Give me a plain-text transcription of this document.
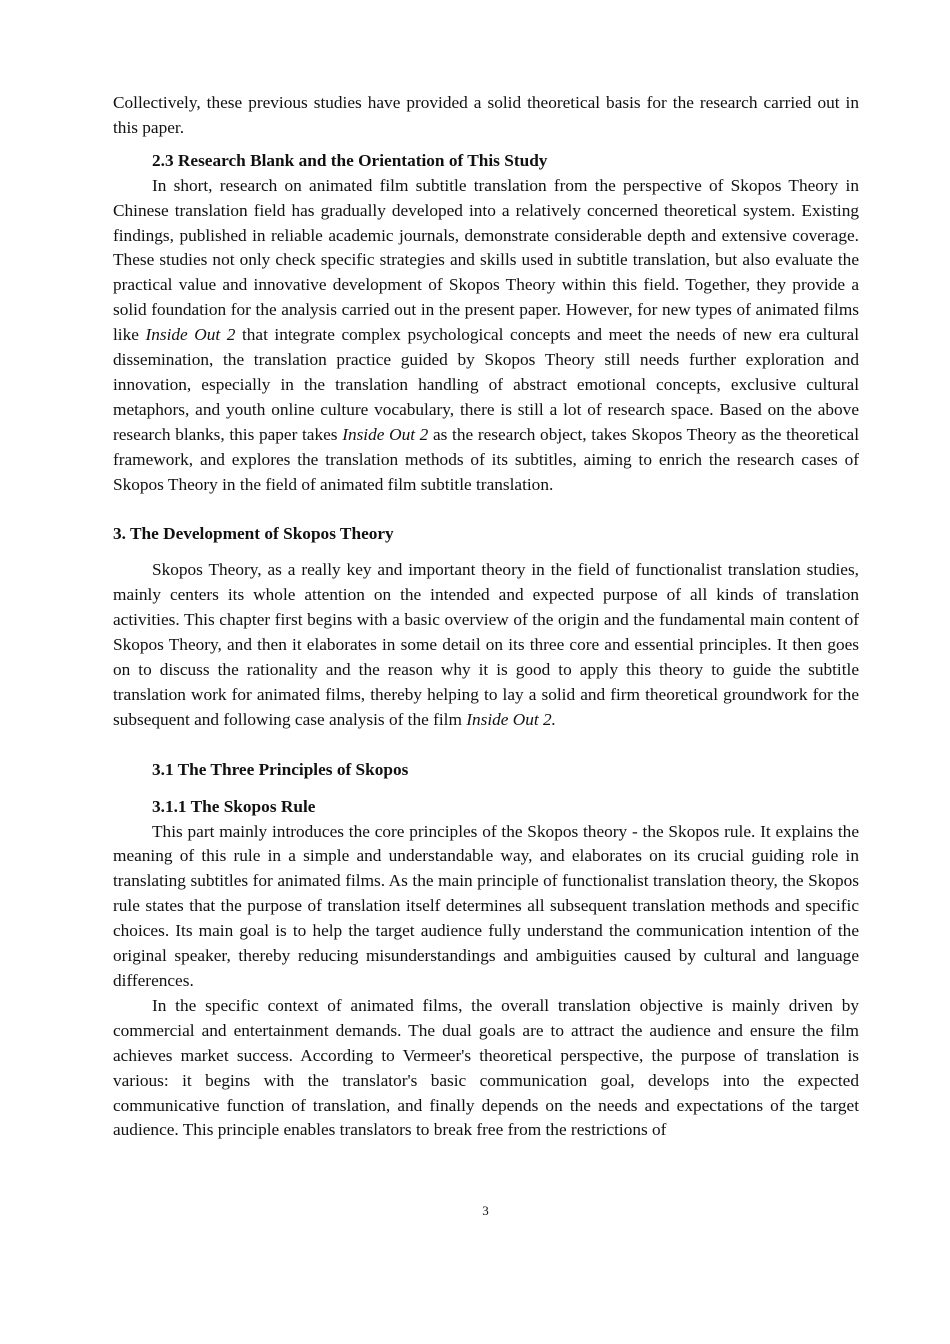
Collectively, these previous studies have provided a solid theoretical basis for the research carried out in this paper.

2.3 Research Blank and the Orientation of This Study

In short, research on animated film subtitle translation from the perspective of Skopos Theory in Chinese translation field has gradually developed into a relatively concerned theoretical system. Existing findings, published in reliable academic journals, demonstrate considerable depth and extensive coverage. These studies not only check specific strategies and skills used in subtitle translation, but also evaluate the practical value and innovative development of Skopos Theory within this field. Together, they provide a solid foundation for the analysis carried out in the present paper. However, for new types of animated films like Inside Out 2 that integrate complex psychological concepts and meet the needs of new era cultural dissemination, the translation practice guided by Skopos Theory still needs further exploration and innovation, especially in the translation handling of abstract emotional concepts, exclusive cultural metaphors, and youth online culture vocabulary, there is still a lot of research space. Based on the above research blanks, this paper takes Inside Out 2 as the research object, takes Skopos Theory as the theoretical framework, and explores the translation methods of its subtitles, aiming to enrich the research cases of Skopos Theory in the field of animated film subtitle translation.

3. The Development of Skopos Theory

Skopos Theory, as a really key and important theory in the field of functionalist translation studies, mainly centers its whole attention on the intended and expected purpose of all kinds of translation activities. This chapter first begins with a basic overview of the origin and the fundamental main content of Skopos Theory, and then it elaborates in some detail on its three core and essential principles. It then goes on to discuss the rationality and the reason why it is good to apply this theory to guide the subtitle translation work for animated films, thereby helping to lay a solid and firm theoretical groundwork for the subsequent and following case analysis of the film Inside Out 2.

3.1 The Three Principles of Skopos

3.1.1 The Skopos Rule

This part mainly introduces the core principles of the Skopos theory - the Skopos rule. It explains the meaning of this rule in a simple and understandable way, and elaborates on its crucial guiding role in translating subtitles for animated films. As the main principle of functionalist translation theory, the Skopos rule states that the purpose of translation itself determines all subsequent translation methods and specific choices. Its main goal is to help the target audience fully understand the communication intention of the original speaker, thereby reducing misunderstandings and ambiguities caused by cultural and language differences.

In the specific context of animated films, the overall translation objective is mainly driven by commercial and entertainment demands. The dual goals are to attract the audience and ensure the film achieves market success. According to Vermeer's theoretical perspective, the purpose of translation is various: it begins with the translator's basic communication goal, develops into the expected communicative function of translation, and finally depends on the needs and expectations of the target audience. This principle enables translators to break free from the restrictions of

3
